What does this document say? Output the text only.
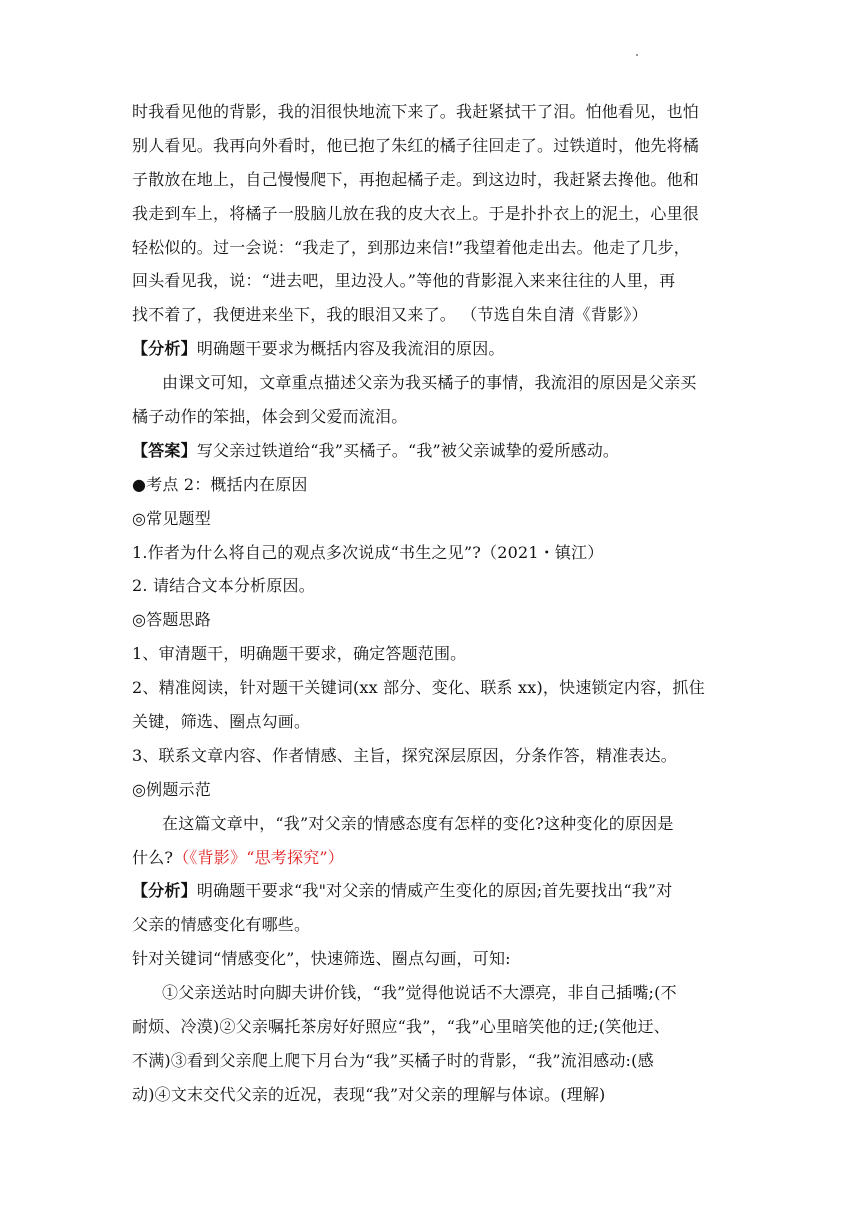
时我看见他的背影，我的泪很快地流下来了。我赶紧拭干了泪。怕他看见，也怕
别人看见。我再向外看时，他已抱了朱红的橘子往回走了。过铁道时，他先将橘
子散放在地上，自己慢慢爬下，再抱起橘子走。到这边时，我赶紧去搀他。他和
我走到车上，将橘子一股脑儿放在我的皮大衣上。于是扑扑衣上的泥土，心里很
轻松似的。过一会说：“我走了，到那边来信!”我望着他走出去。他走了几步，
回头看见我，说：“进去吧，里边没人。”等他的背影混入来来往往的人里，再
找不着了，我便进来坐下，我的眼泪又来了。 （节选自朱自清《背影》）
【分析】明确题干要求为概括内容及我流泪的原因。
由课文可知，文章重点描述父亲为我买橘子的事情，我流泪的原因是父亲买
橘子动作的笨拙，体会到父爱而流泪。
【答案】写父亲过铁道给“我”买橘子。“我”被父亲诚挚的爱所感动。
●考点 2：概括内在原因
◎常见题型
1.作者为什么将自己的观点多次说成“书生之见”?（2021・镇江）
2. 请结合文本分析原因。
◎答题思路
1、审清题干，明确题干要求，确定答题范围。
2、精准阅读，针对题干关键词(xx 部分、变化、联系 xx)，快速锁定内容，抓住
关键，筛选、圈点勾画。
3、联系文章内容、作者情感、主旨，探究深层原因，分条作答，精准表达。
◎例题示范
在这篇文章中，“我”对父亲的情感态度有怎样的变化?这种变化的原因是
什么?（《背影》“思考探究”）
【分析】明确题干要求“我"对父亲的情威产生变化的原因;首先要找出“我”对
父亲的情感变化有哪些。
针对关键词“情感变化”，快速筛选、圈点勾画，可知:
①父亲送站时向脚夫讲价钱，“我”觉得他说话不大漂亮，非自己插嘴;(不
耐烦、冷漠)②父亲嘱托茶房好好照应“我”，“我”心里暗笑他的迂;(笑他迂、
不满)③看到父亲爬上爬下月台为“我”买橘子时的背影，“我”流泪感动:(感
动)④文末交代父亲的近况，表现“我”对父亲的理解与体谅。(理解)
